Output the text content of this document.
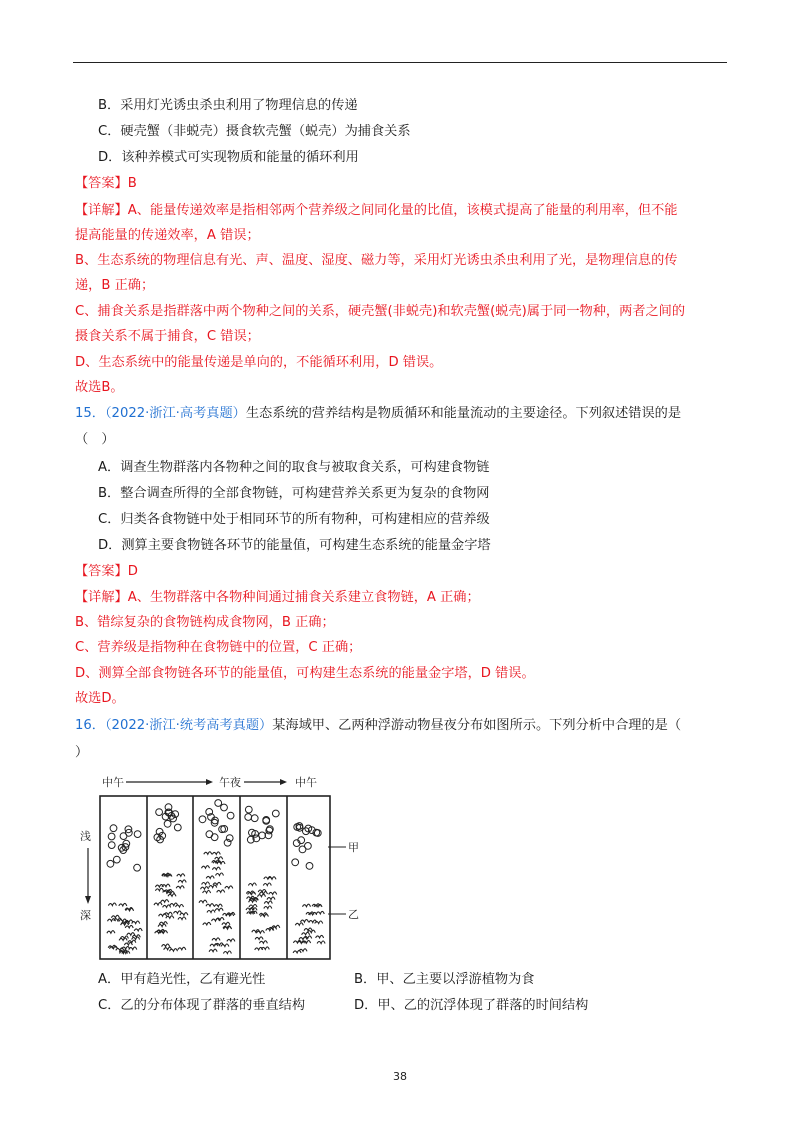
B．采用灯光诱虫杀虫利用了物理信息的传递
C．硬壳蟹（非蜕壳）摄食软壳蟹（蜕壳）为捕食关系
D．该种养模式可实现物质和能量的循环利用
【答案】B
【详解】A、能量传递效率是指相邻两个营养级之间同化量的比值，该模式提高了能量的利用率，但不能
提高能量的传递效率，A 错误；
B、生态系统的物理信息有光、声、温度、湿度、磁力等，采用灯光诱虫杀虫利用了光，是物理信息的传
递，B 正确；
C、捕食关系是指群落中两个物种之间的关系，硬壳蟹(非蜕壳)和软壳蟹(蜕壳)属于同一物种，两者之间的
摄食关系不属于捕食，C 错误；
D、生态系统中的能量传递是单向的，不能循环利用，D 错误。
故选B。
15．（2022·浙江·高考真题）生态系统的营养结构是物质循环和能量流动的主要途径。下列叙述错误的是
（　）
A．调查生物群落内各物种之间的取食与被取食关系，可构建食物链
B．整合调查所得的全部食物链，可构建营养关系更为复杂的食物网
C．归类各食物链中处于相同环节的所有物种，可构建相应的营养级
D．测算主要食物链各环节的能量值，可构建生态系统的能量金字塔
【答案】D
【详解】A、生物群落中各物种间通过捕食关系建立食物链，A 正确；
B、错综复杂的食物链构成食物网，B 正确；
C、营养级是指物种在食物链中的位置，C 正确；
D、测算全部食物链各环节的能量值，可构建生态系统的能量金字塔，D 错误。
故选D。
16．（2022·浙江·统考高考真题）某海域甲、乙两种浮游动物昼夜分布如图所示。下列分析中合理的是（
）
中午	午夜	中午
浅
深
甲
乙
A．甲有趋光性，乙有避光性	B．甲、乙主要以浮游植物为食
C．乙的分布体现了群落的垂直结构	D．甲、乙的沉浮体现了群落的时间结构
38
